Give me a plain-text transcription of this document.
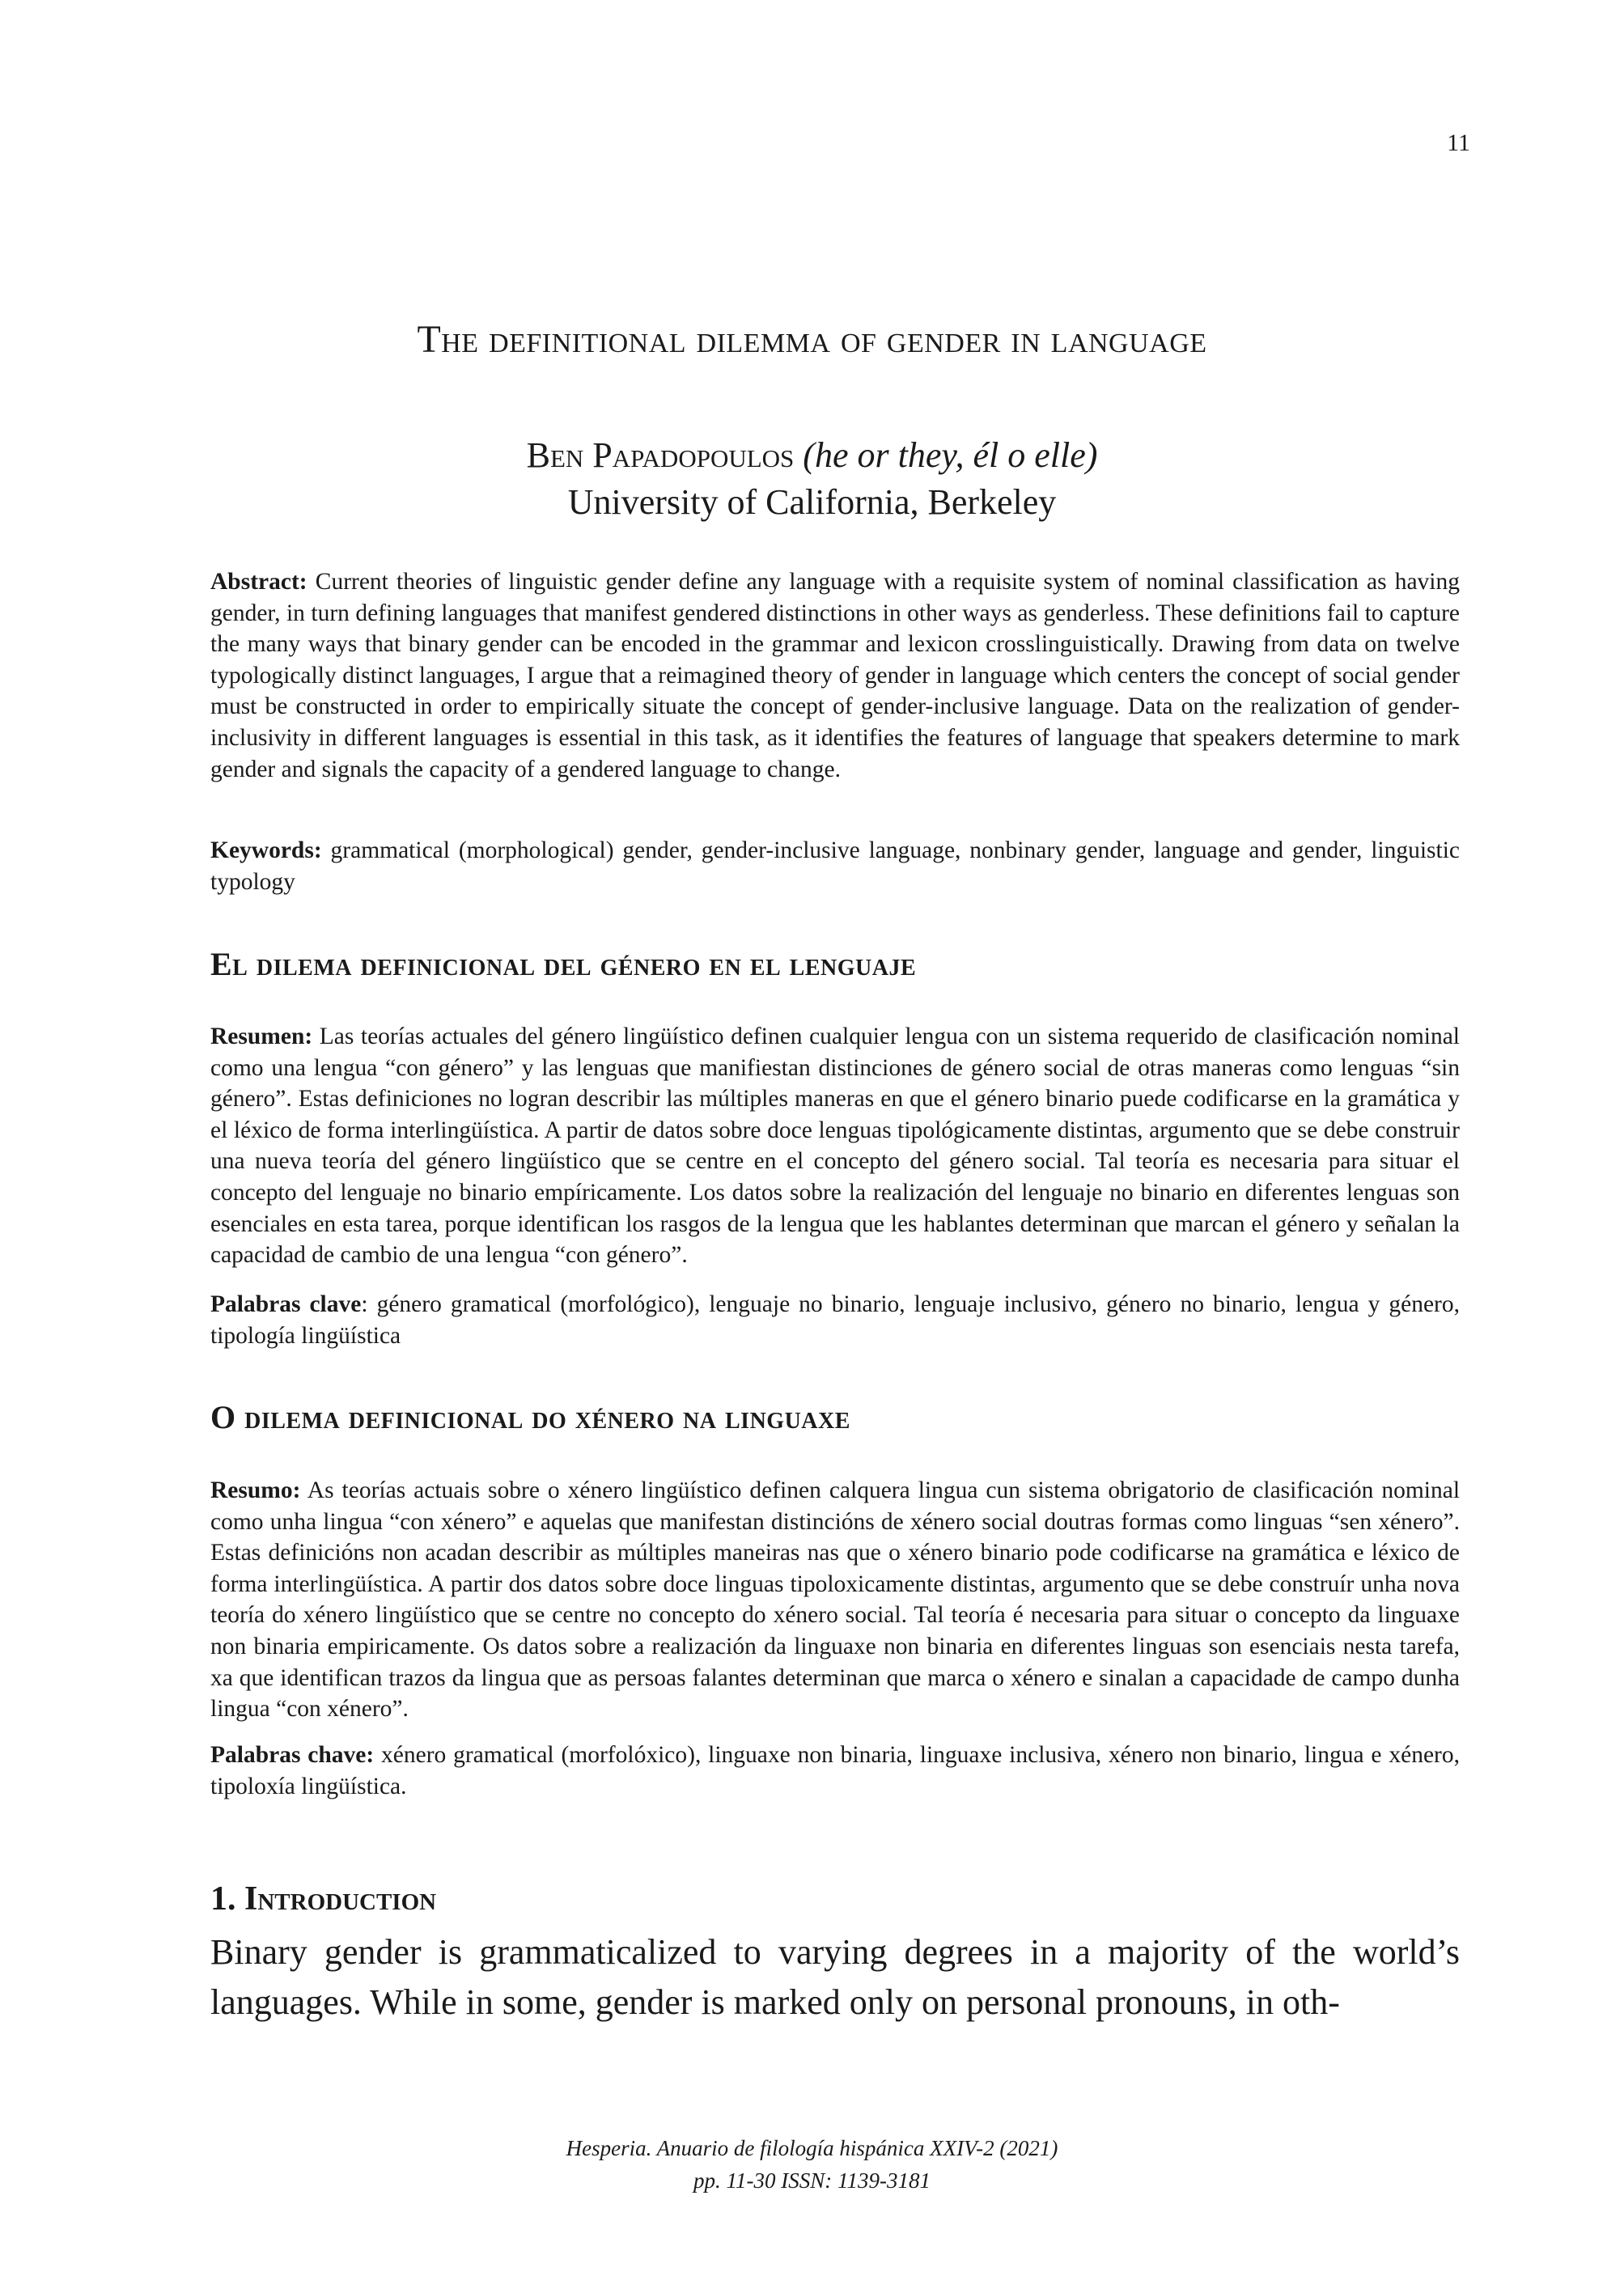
11
The definitional dilemma of gender in language
Ben Papadopoulos (he or they, él o elle)
University of California, Berkeley
Abstract: Current theories of linguistic gender define any language with a requisite system of nominal classification as having gender, in turn defining languages that manifest gendered distinctions in other ways as genderless. These definitions fail to capture the many ways that binary gender can be encoded in the grammar and lexicon crosslinguistically. Drawing from data on twelve typologically distinct languages, I argue that a reimagined theory of gender in language which centers the concept of social gender must be constructed in order to empirically situate the concept of gender-inclusive language. Data on the realization of gender-inclusivity in different languages is essential in this task, as it identifies the features of language that speakers determine to mark gender and signals the capacity of a gendered language to change.
Keywords: grammatical (morphological) gender, gender-inclusive language, nonbinary gender, language and gender, linguistic typology
El dilema definicional del género en el lenguaje
Resumen: Las teorías actuales del género lingüístico definen cualquier lengua con un sistema requerido de clasificación nominal como una lengua “con género” y las lenguas que manifiestan distinciones de género social de otras maneras como lenguas “sin género”. Estas definiciones no logran describir las múltiples maneras en que el género binario puede codificarse en la gramática y el léxico de forma interlingüística. A partir de datos sobre doce lenguas tipológicamente distintas, argumento que se debe construir una nueva teoría del género lingüístico que se centre en el concepto del género social. Tal teoría es necesaria para situar el concepto del lenguaje no binario empíricamente. Los datos sobre la realización del lenguaje no binario en diferentes lenguas son esenciales en esta tarea, porque identifican los rasgos de la lengua que les hablantes determinan que marcan el género y señalan la capacidad de cambio de una lengua “con género”.
Palabras clave: género gramatical (morfológico), lenguaje no binario, lenguaje inclusivo, género no binario, lengua y género, tipología lingüística
O dilema definicional do xénero na linguaxe
Resumo: As teorías actuais sobre o xénero lingüístico definen calquera lingua cun sistema obrigatorio de clasificación nominal como unha lingua “con xénero” e aquelas que manifestan distincións de xénero social doutras formas como linguas “sen xénero”. Estas definicións non acadan describir as múltiples maneiras nas que o xénero binario pode codificarse na gramática e léxico de forma interlingüística. A partir dos datos sobre doce linguas tipoloxicamente distintas, argumento que se debe construír unha nova teoría do xénero lingüístico que se centre no concepto do xénero social. Tal teoría é necesaria para situar o concepto da linguaxe non binaria empiricamente. Os datos sobre a realización da linguaxe non binaria en diferentes linguas son esenciais nesta tarefa, xa que identifican trazos da lingua que as persoas falantes determinan que marca o xénero e sinalan a capacidade de campo dunha lingua “con xénero”.
Palabras chave: xénero gramatical (morfolóxico), linguaxe non binaria, linguaxe inclusiva, xénero non binario, lingua e xénero, tipoloxía lingüística.
1. Introduction
Binary gender is grammaticalized to varying degrees in a majority of the world’s languages. While in some, gender is marked only on personal pronouns, in oth-
Hesperia. Anuario de filología hispánica XXIV-2 (2021)
pp. 11-30 ISSN: 1139-3181
